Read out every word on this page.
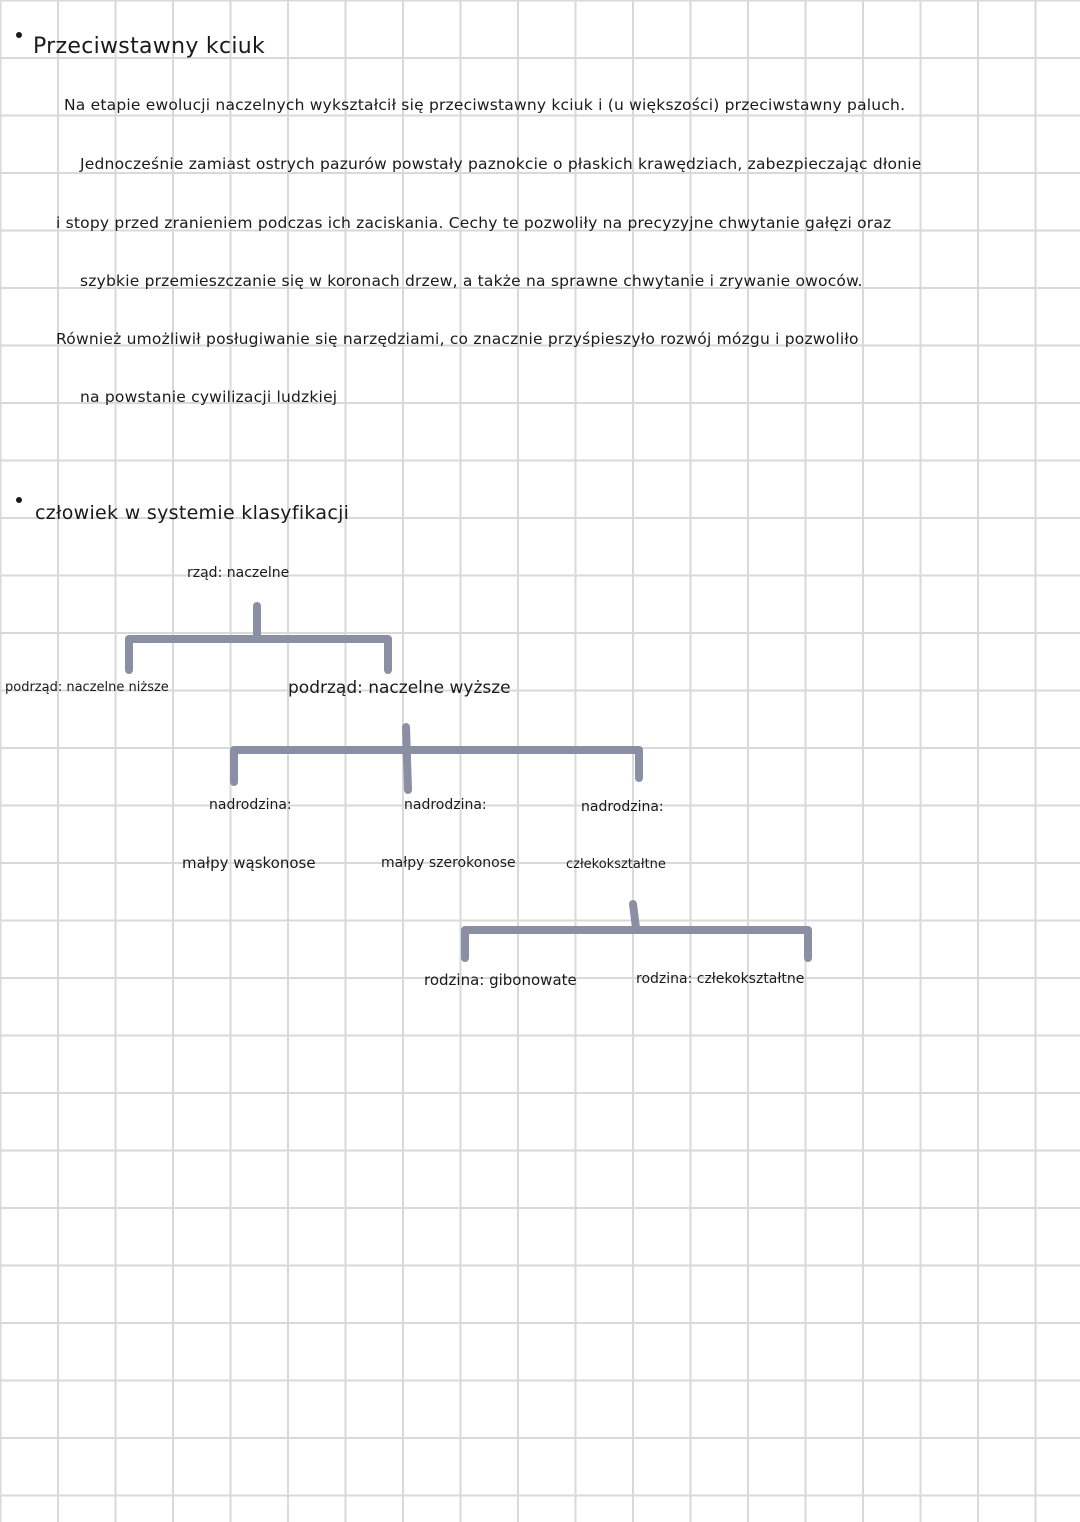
Przeciwstawny kciuk
Na etapie ewolucji naczelnych wykształcił się przeciwstawny kciuk i (u większości) przeciwstawny paluch.
Jednocześnie zamiast ostrych pazurów powstały paznokcie o płaskich krawędziach, zabezpieczając dłonie
i stopy przed zranieniem podczas ich zaciskania. Cechy te pozwoliły na precyzyjne chwytanie gałęzi oraz
szybkie przemieszczanie się w koronach drzew, a także na sprawne chwytanie i zrywanie owoców.
Również umożliwił posługiwanie się narzędziami, co znacznie przyśpieszyło rozwój mózgu i pozwoliło
na powstanie cywilizacji ludzkiej
człowiek w systemie klasyfikacji
rząd: naczelne
podrząd: naczelne niższe	podrząd: naczelne wyższe
nadrodzina:	nadrodzina:	nadrodzina:
małpy wąskonose	małpy szerokonose	człekokształtne
rodzina: gibonowate	rodzina: człekokształtne
